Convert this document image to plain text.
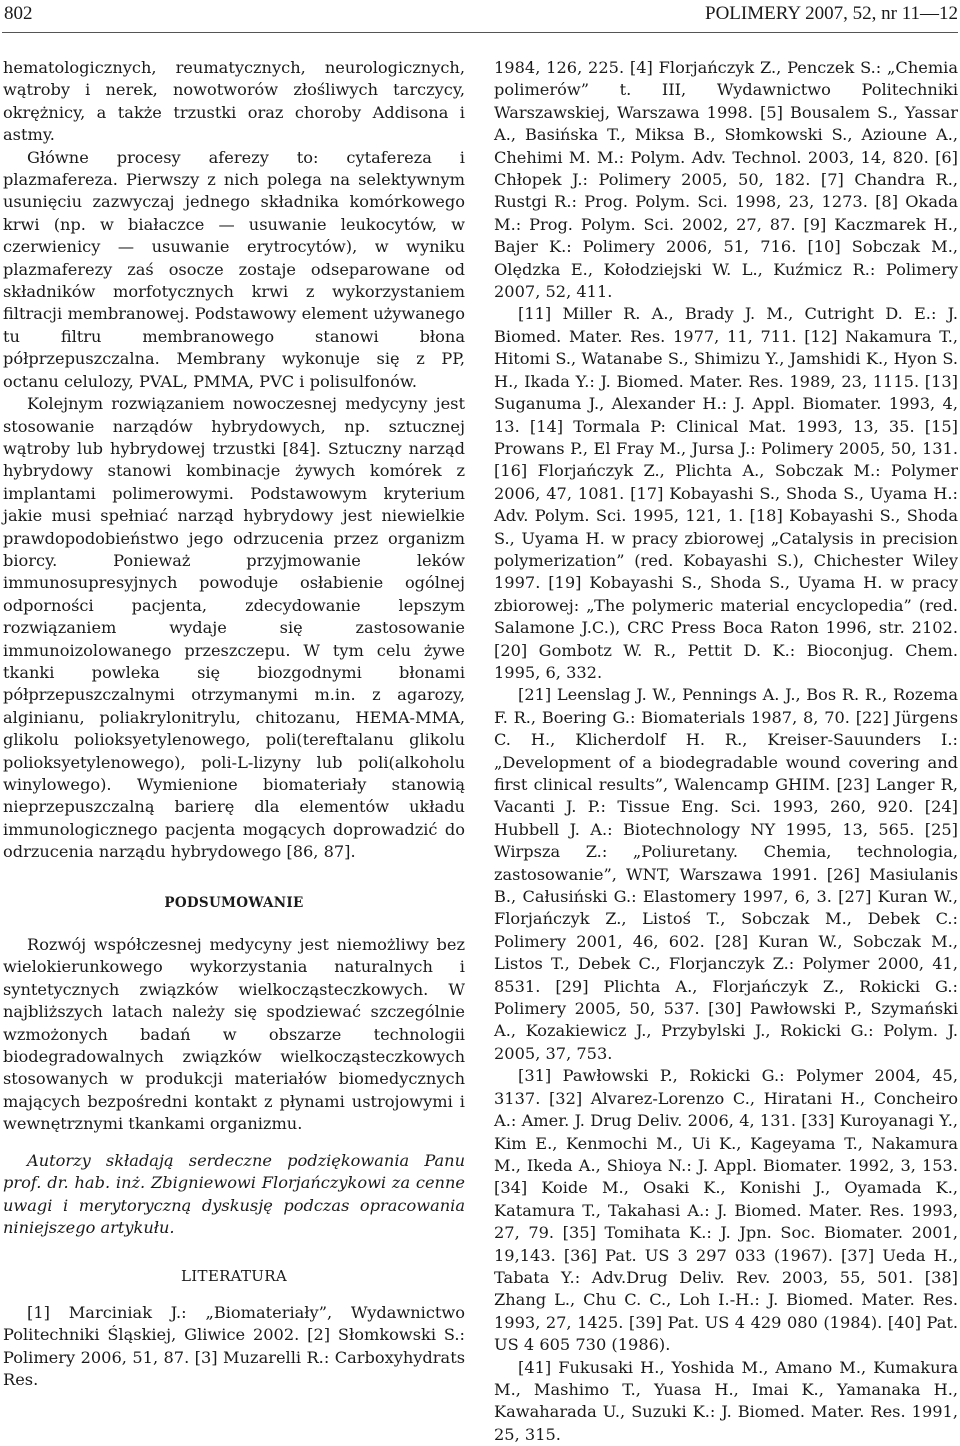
802	POLIMERY 2007, 52, nr 11—12

hematologicznych, reumatycznych, neurologicznych, wątroby i nerek, nowotworów złośliwych tarczycy, okrężnicy, a także trzustki oraz choroby Addisona i astmy.

Główne procesy aferezy to: cytafereza i plazmafereza. Pierwszy z nich polega na selektywnym usunięciu zazwyczaj jednego składnika komórkowego krwi (np. w białaczce — usuwanie leukocytów, w czerwienicy — usuwanie erytrocytów), w wyniku plazmaferezy zaś osocze zostaje odseparowane od składników morfotycznych krwi z wykorzystaniem filtracji membranowej. Podstawowy element używanego tu filtru membranowego stanowi błona półprzepuszczalna. Membrany wykonuje się z PP, octanu celulozy, PVAL, PMMA, PVC i polisulfonów.

Kolejnym rozwiązaniem nowoczesnej medycyny jest stosowanie narządów hybrydowych, np. sztucznej wątroby lub hybrydowej trzustki [84]. Sztuczny narząd hybrydowy stanowi kombinacje żywych komórek z implantami polimerowymi. Podstawowym kryterium jakie musi spełniać narząd hybrydowy jest niewielkie prawdopodobieństwo jego odrzucenia przez organizm biorcy. Ponieważ przyjmowanie leków immunosupresyjnych powoduje osłabienie ogólnej odporności pacjenta, zdecydowanie lepszym rozwiązaniem wydaje się zastosowanie immunoizolowanego przeszczepu. W tym celu żywe tkanki powleka się biozgodnymi błonami półprzepuszczalnymi otrzymanymi m.in. z agarozy, alginianu, poliakrylonitrylu, chitozanu, HEMA-MMA, glikolu polioksyetylenowego, poli(tereftalanu glikolu polioksyetylenowego), poli-L-lizyny lub poli(alkoholu winylowego). Wymienione biomateriały stanowią nieprzepuszczalną barierę dla elementów układu immunologicznego pacjenta mogących doprowadzić do odrzucenia narządu hybrydowego [86, 87].

PODSUMOWANIE

Rozwój współczesnej medycyny jest niemożliwy bez wielokierunkowego wykorzystania naturalnych i syntetycznych związków wielkocząsteczkowych. W najbliższych latach należy się spodziewać szczególnie wzmożonych badań w obszarze technologii biodegradowalnych związków wielkocząsteczkowych stosowanych w produkcji materiałów biomedycznych mających bezpośredni kontakt z płynami ustrojowymi i wewnętrznymi tkankami organizmu.

Autorzy składają serdeczne podziękowania Panu prof. dr. hab. inż. Zbigniewowi Florjańczykowi za cenne uwagi i merytoryczną dyskusję podczas opracowania niniejszego artykułu.

LITERATURA

[1] Marciniak J.: „Biomateriały”, Wydawnictwo Politechniki Śląskiej, Gliwice 2002. [2] Słomkowski S.: Polimery 2006, 51, 87. [3] Muzarelli R.: Carboxyhydrats Res.

1984, 126, 225. [4] Florjańczyk Z., Penczek S.: „Chemia polimerów” t. III, Wydawnictwo Politechniki Warszawskiej, Warszawa 1998. [5] Bousalem S., Yassar A., Basińska T., Miksa B., Słomkowski S., Azioune A., Chehimi M. M.: Polym. Adv. Technol. 2003, 14, 820. [6] Chłopek J.: Polimery 2005, 50, 182. [7] Chandra R., Rustgi R.: Prog. Polym. Sci. 1998, 23, 1273. [8] Okada M.: Prog. Polym. Sci. 2002, 27, 87. [9] Kaczmarek H., Bajer K.: Polimery 2006, 51, 716. [10] Sobczak M., Olędzka E., Kołodziejski W. L., Kuźmicz R.: Polimery 2007, 52, 411.

[11] Miller R. A., Brady J. M., Cutright D. E.: J. Biomed. Mater. Res. 1977, 11, 711. [12] Nakamura T., Hitomi S., Watanabe S., Shimizu Y., Jamshidi K., Hyon S. H., Ikada Y.: J. Biomed. Mater. Res. 1989, 23, 1115. [13] Suganuma J., Alexander H.: J. Appl. Biomater. 1993, 4, 13. [14] Tormala P: Clinical Mat. 1993, 13, 35. [15] Prowans P., El Fray M., Jursa J.: Polimery 2005, 50, 131. [16] Florjańczyk Z., Plichta A., Sobczak M.: Polymer 2006, 47, 1081. [17] Kobayashi S., Shoda S., Uyama H.: Adv. Polym. Sci. 1995, 121, 1. [18] Kobayashi S., Shoda S., Uyama H. w pracy zbiorowej „Catalysis in precision polymerization” (red. Kobayashi S.), Chichester Wiley 1997. [19] Kobayashi S., Shoda S., Uyama H. w pracy zbiorowej: „The polymeric material encyclopedia” (red. Salamone J.C.), CRC Press Boca Raton 1996, str. 2102. [20] Gombotz W. R., Pettit D. K.: Bioconjug. Chem. 1995, 6, 332.

[21] Leenslag J. W., Pennings A. J., Bos R. R., Rozema F. R., Boering G.: Biomaterials 1987, 8, 70. [22] Jürgens C. H., Klicherdolf H. R., Kreiser-Sauunders I.: „Development of a biodegradable wound covering and first clinical results”, Walencamp GHIM. [23] Langer R, Vacanti J. P.: Tissue Eng. Sci. 1993, 260, 920. [24] Hubbell J. A.: Biotechnology NY 1995, 13, 565. [25] Wirpsza Z.: „Poliuretany. Chemia, technologia, zastosowanie”, WNT, Warszawa 1991. [26] Masiulanis B., Całusiński G.: Elastomery 1997, 6, 3. [27] Kuran W., Florjańczyk Z., Listoś T., Sobczak M., Debek C.: Polimery 2001, 46, 602. [28] Kuran W., Sobczak M., Listos T., Debek C., Florjanczyk Z.: Polymer 2000, 41, 8531. [29] Plichta A., Florjańczyk Z., Rokicki G.: Polimery 2005, 50, 537. [30] Pawłowski P., Szymański A., Kozakiewicz J., Przybylski J., Rokicki G.: Polym. J. 2005, 37, 753.

[31] Pawłowski P., Rokicki G.: Polymer 2004, 45, 3137. [32] Alvarez-Lorenzo C., Hiratani H., Concheiro A.: Amer. J. Drug Deliv. 2006, 4, 131. [33] Kuroyanagi Y., Kim E., Kenmochi M., Ui K., Kageyama T., Nakamura M., Ikeda A., Shioya N.: J. Appl. Biomater. 1992, 3, 153. [34] Koide M., Osaki K., Konishi J., Oyamada K., Katamura T., Takahasi A.: J. Biomed. Mater. Res. 1993, 27, 79. [35] Tomihata K.: J. Jpn. Soc. Biomater. 2001, 19,143. [36] Pat. US 3 297 033 (1967). [37] Ueda H., Tabata Y.: Adv.Drug Deliv. Rev. 2003, 55, 501. [38] Zhang L., Chu C. C., Loh I.-H.: J. Biomed. Mater. Res. 1993, 27, 1425. [39] Pat. US 4 429 080 (1984). [40] Pat. US 4 605 730 (1986).

[41] Fukusaki H., Yoshida M., Amano M., Kumakura M., Mashimo T., Yuasa H., Imai K., Yamanaka H., Kawaharada U., Suzuki K.: J. Biomed. Mater. Res. 1991, 25, 315.
